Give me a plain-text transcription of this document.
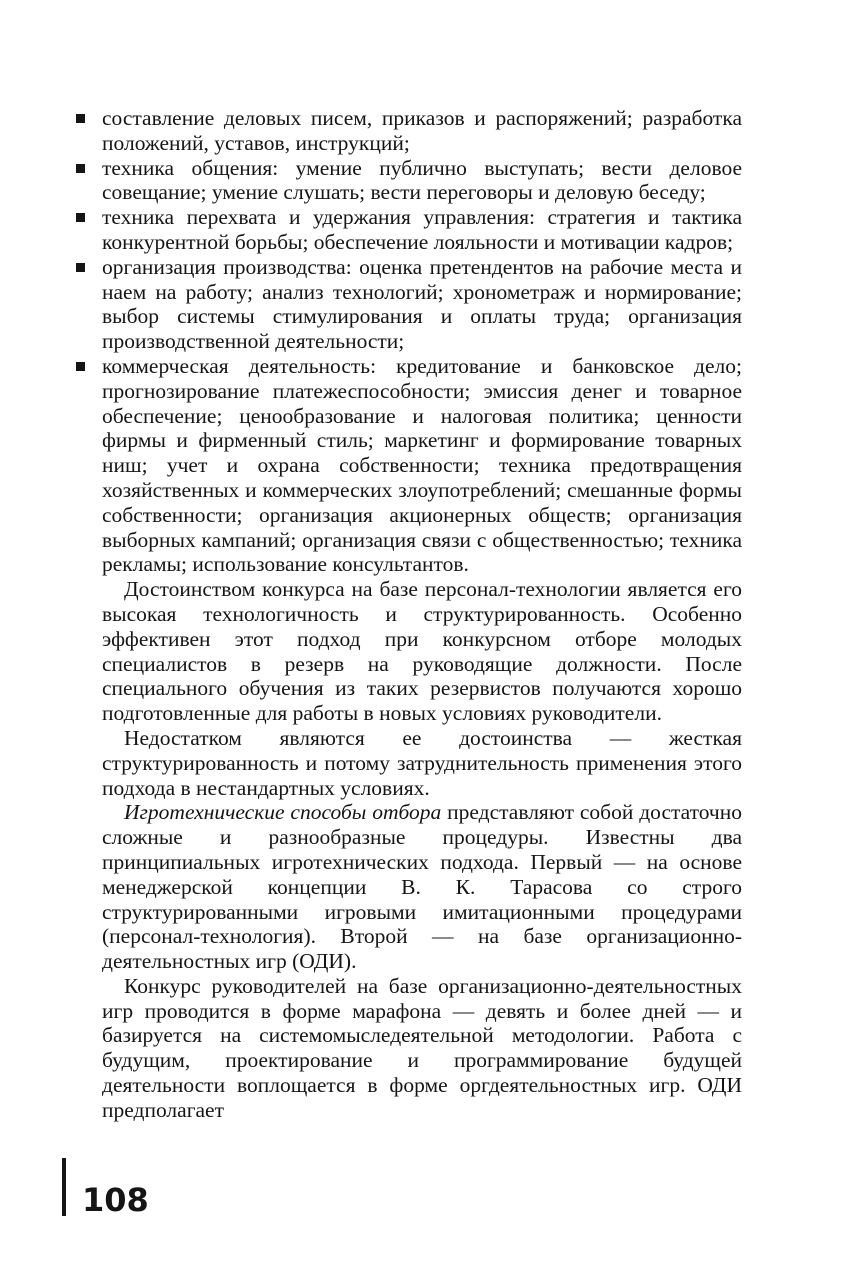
составление деловых писем, приказов и распоряжений; разработка положений, уставов, инструкций;
техника общения: умение публично выступать; вести деловое совещание; умение слушать; вести переговоры и деловую беседу;
техника перехвата и удержания управления: стратегия и тактика конкурентной борьбы; обеспечение лояльности и мотивации кадров;
организация производства: оценка претендентов на рабочие места и наем на работу; анализ технологий; хронометраж и нормирование; выбор системы стимулирования и оплаты труда; организация производственной деятельности;
коммерческая деятельность: кредитование и банковское дело; прогнозирование платежеспособности; эмиссия денег и товарное обеспечение; ценообразование и налоговая политика; ценности фирмы и фирменный стиль; маркетинг и формирование товарных ниш; учет и охрана собственности; техника предотвращения хозяйственных и коммерческих злоупотреблений; смешанные формы собственности; организация акционерных обществ; организация выборных кампаний; организация связи с общественностью; техника рекламы; использование консультантов.

Достоинством конкурса на базе персонал-технологии является его высокая технологичность и структурированность. Особенно эффективен этот подход при конкурсном отборе молодых специалистов в резерв на руководящие должности. После специального обучения из таких резервистов получаются хорошо подготовленные для работы в новых условиях руководители.

Недостатком являются ее достоинства — жесткая структурированность и потому затруднительность применения этого подхода в нестандартных условиях.

Игротехнические способы отбора представляют собой достаточно сложные и разнообразные процедуры. Известны два принципиальных игротехнических подхода. Первый — на основе менеджерской концепции В. К. Тарасова со строго структурированными игровыми имитационными процедурами (персонал-технология). Второй — на базе организационно-деятельностных игр (ОДИ).

Конкурс руководителей на базе организационно-деятельностных игр проводится в форме марафона — девять и более дней — и базируется на системомыследеятельной методологии. Работа с будущим, проектирование и программирование будущей деятельности воплощается в форме оргдеятельностных игр. ОДИ предполагает

108
